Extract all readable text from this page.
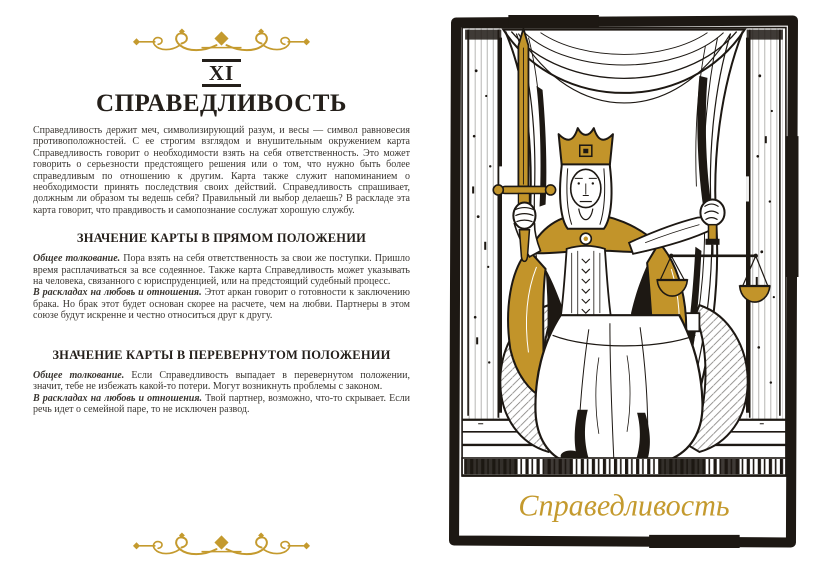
XI
СПРАВЕДЛИВОСТЬ

Справедливость держит меч, символизирующий разум, и весы — символ равновесия противоположностей. С ее строгим взглядом и внушительным окружением карта Справедливость говорит о необходимости взять на себя ответственность. Это может говорить о серьезности предстоящего решения или о том, что нужно быть более справедливым по отношению к другим. Карта также служит напоминанием о необходимости принять последствия своих действий. Справедливость спрашивает, должным ли образом ты ведешь себя? Правильный ли выбор делаешь? В раскладе эта карта говорит, что правдивость и самопознание сослужат хорошую службу.

ЗНАЧЕНИЕ КАРТЫ В ПРЯМОМ ПОЛОЖЕНИИ

Общее толкование. Пора взять на себя ответственность за свои же поступки. Пришло время расплачиваться за все содеянное. Также карта Справедливость может указывать на человека, связанного с юриспруденцией, или на предстоящий судебный процесс.

В раскладах на любовь и отношения. Этот аркан говорит о готовности к заключению брака. Но брак этот будет основан скорее на расчете, чем на любви. Партнеры в этом союзе будут искренне и честно относиться друг к другу.

ЗНАЧЕНИЕ КАРТЫ В ПЕРЕВЕРНУТОМ ПОЛОЖЕНИИ

Общее толкование. Если Справедливость выпадает в перевернутом положении, значит, тебе не избежать какой-то потери. Могут возникнуть проблемы с законом.

В раскладах на любовь и отношения. Твой партнер, возможно, что-то скрывает. Если речь идет о семейной паре, то не исключен развод.

Справедливость
